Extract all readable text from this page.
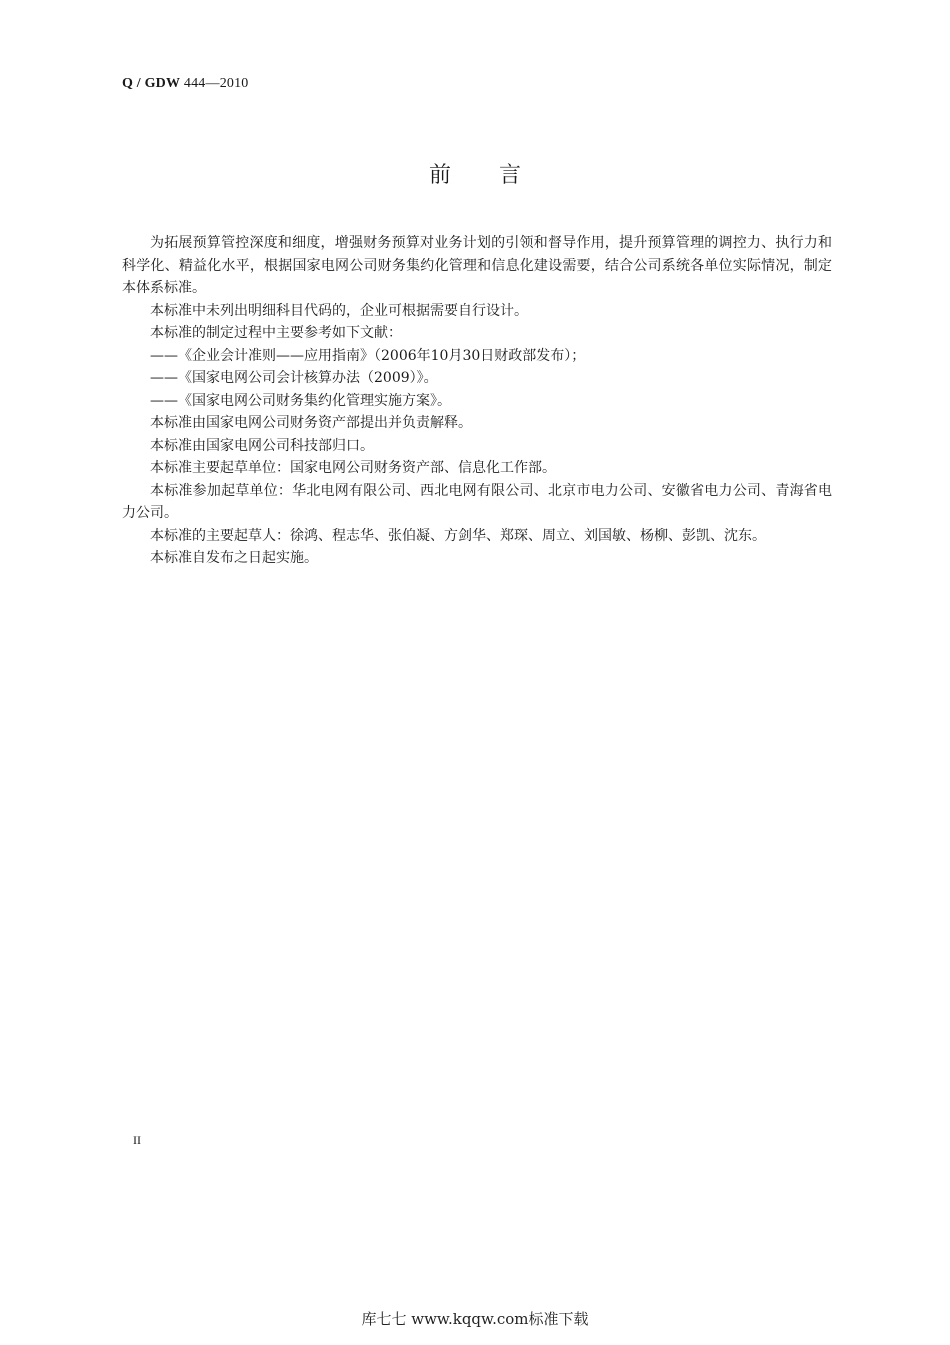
Q / GDW 444—2010
前言

为拓展预算管控深度和细度，增强财务预算对业务计划的引领和督导作用，提升预算管理的调控力、执行力和科学化、精益化水平，根据国家电网公司财务集约化管理和信息化建设需要，结合公司系统各单位实际情况，制定本体系标准。

本标准中未列出明细科目代码的，企业可根据需要自行设计。

本标准的制定过程中主要参考如下文献：

——《企业会计准则——应用指南》（2006年10月30日财政部发布）；

——《国家电网公司会计核算办法（2009）》。

——《国家电网公司财务集约化管理实施方案》。

本标准由国家电网公司财务资产部提出并负责解释。

本标准由国家电网公司科技部归口。

本标准主要起草单位：国家电网公司财务资产部、信息化工作部。

本标准参加起草单位：华北电网有限公司、西北电网有限公司、北京市电力公司、安徽省电力公司、青海省电力公司。

本标准的主要起草人：徐鸿、程志华、张伯凝、方剑华、郑琛、周立、刘国敏、杨柳、彭凯、沈东。

本标准自发布之日起实施。

II
库七七 www.kqqw.com标准下载
